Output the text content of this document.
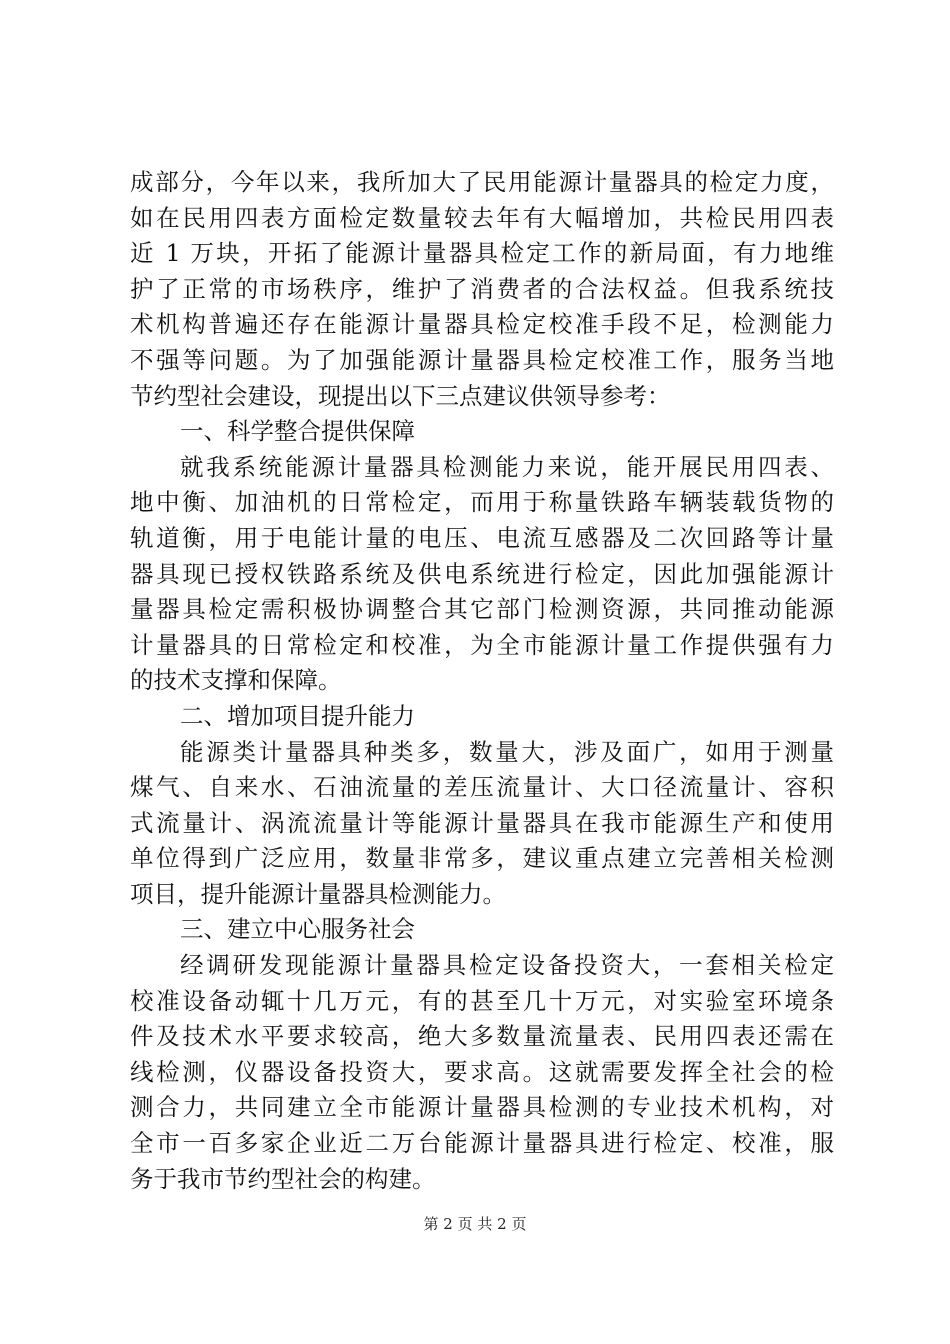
成部分，今年以来，我所加大了民用能源计量器具的检定力度，
如在民用四表方面检定数量较去年有大幅增加，共检民用四表
近 1 万块，开拓了能源计量器具检定工作的新局面，有力地维
护了正常的市场秩序，维护了消费者的合法权益。但我系统技
术机构普遍还存在能源计量器具检定校准手段不足，检测能力
不强等问题。为了加强能源计量器具检定校准工作，服务当地
节约型社会建设，现提出以下三点建议供领导参考：
一、科学整合提供保障
就我系统能源计量器具检测能力来说，能开展民用四表、
地中衡、加油机的日常检定，而用于称量铁路车辆装载货物的
轨道衡，用于电能计量的电压、电流互感器及二次回路等计量
器具现已授权铁路系统及供电系统进行检定，因此加强能源计
量器具检定需积极协调整合其它部门检测资源，共同推动能源
计量器具的日常检定和校准，为全市能源计量工作提供强有力
的技术支撑和保障。
二、增加项目提升能力
能源类计量器具种类多，数量大，涉及面广，如用于测量
煤气、自来水、石油流量的差压流量计、大口径流量计、容积
式流量计、涡流流量计等能源计量器具在我市能源生产和使用
单位得到广泛应用，数量非常多，建议重点建立完善相关检测
项目，提升能源计量器具检测能力。
三、建立中心服务社会
经调研发现能源计量器具检定设备投资大，一套相关检定
校准设备动辄十几万元，有的甚至几十万元，对实验室环境条
件及技术水平要求较高，绝大多数量流量表、民用四表还需在
线检测，仪器设备投资大，要求高。这就需要发挥全社会的检
测合力，共同建立全市能源计量器具检测的专业技术机构，对
全市一百多家企业近二万台能源计量器具进行检定、校准，服
务于我市节约型社会的构建。
第 2 页 共 2 页
